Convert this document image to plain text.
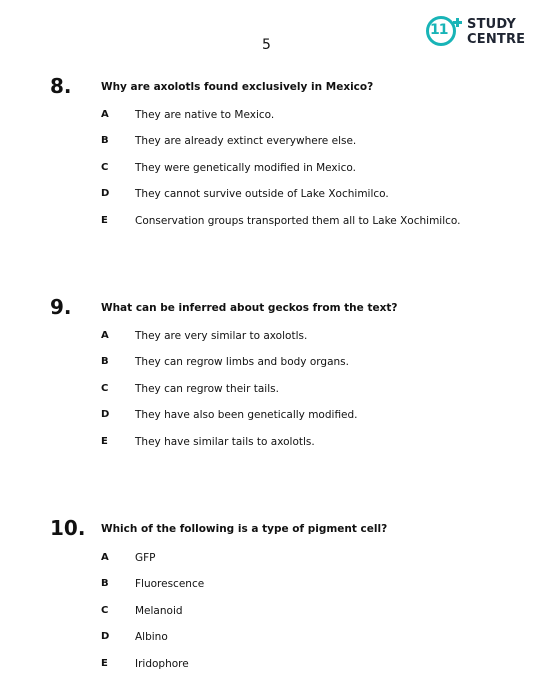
5
11 STUDY
CENTRE
8.	Why are axolotls found exclusively in Mexico?
A	They are native to Mexico.
B	They are already extinct everywhere else.
C	They were genetically modified in Mexico.
D They cannot survive outside of Lake Xochimilco.
E	Conservation groups transported them all to Lake Xochimilco.
9.	What can be inferred about geckos from the text?
A	They are very similar to axolotls.
B	They can regrow limbs and body organs.
C	They can regrow their tails.
D They have also been genetically modified.
E	They have similar tails to axolotls.
10. Which of the following is a type of pigment cell?
A	GFP
B	Fluorescence
C	Melanoid
D Albino
E	Iridophore
